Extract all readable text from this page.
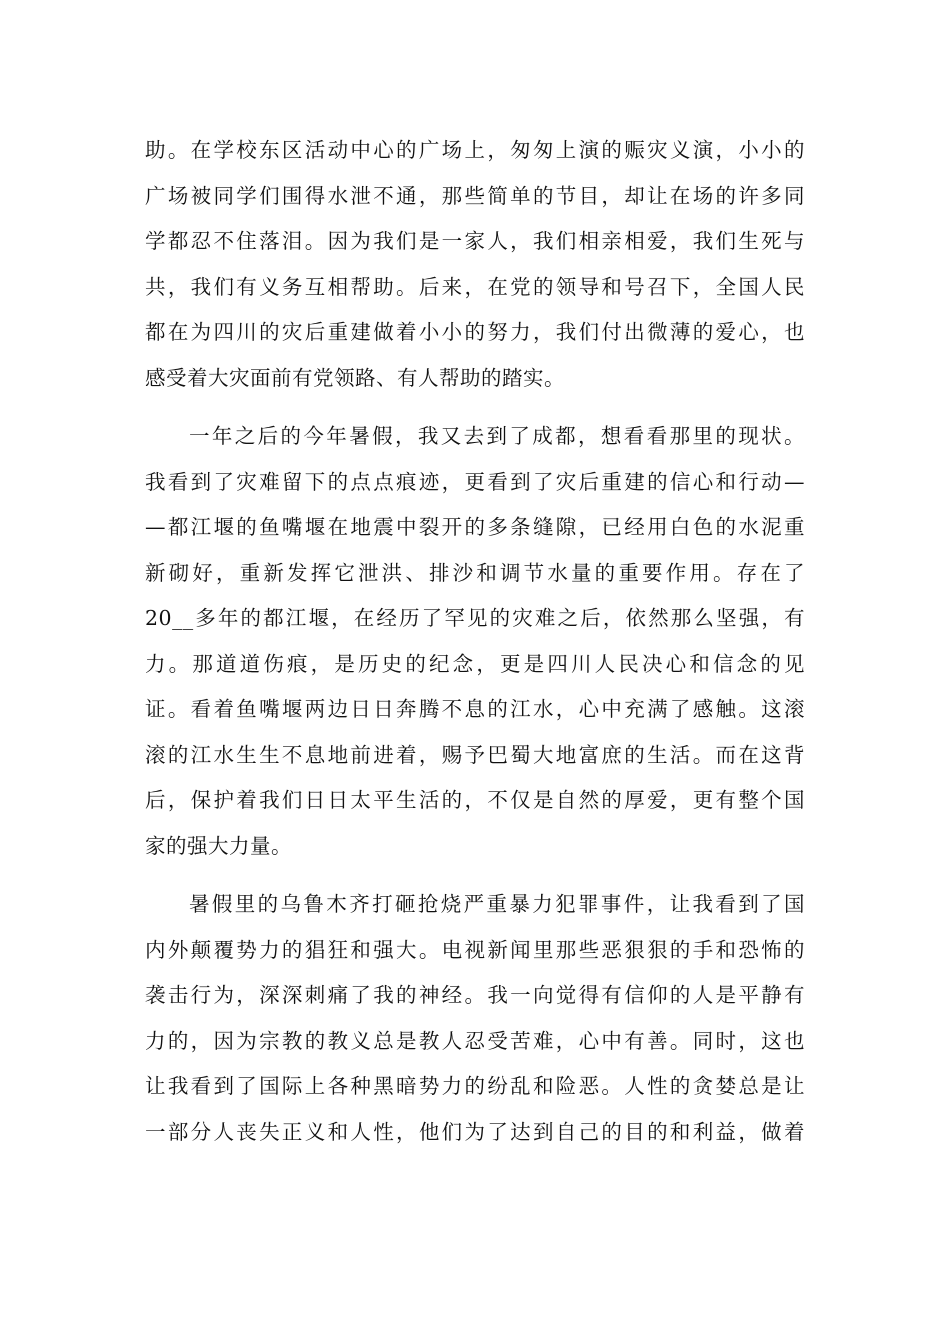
助。在学校东区活动中心的广场上，匆匆上演的赈灾义演，小小的
广场被同学们围得水泄不通，那些简单的节目，却让在场的许多同
学都忍不住落泪。因为我们是一家人，我们相亲相爱，我们生死与
共，我们有义务互相帮助。后来，在党的领导和号召下，全国人民
都在为四川的灾后重建做着小小的努力，我们付出微薄的爱心，也
感受着大灾面前有党领路、有人帮助的踏实。
一年之后的今年暑假，我又去到了成都，想看看那里的现状。
我看到了灾难留下的点点痕迹，更看到了灾后重建的信心和行动—
—都江堰的鱼嘴堰在地震中裂开的多条缝隙，已经用白色的水泥重
新砌好，重新发挥它泄洪、排沙和调节水量的重要作用。存在了
20__多年的都江堰，在经历了罕见的灾难之后，依然那么坚强，有
力。那道道伤痕，是历史的纪念，更是四川人民决心和信念的见
证。看着鱼嘴堰两边日日奔腾不息的江水，心中充满了感触。这滚
滚的江水生生不息地前进着，赐予巴蜀大地富庶的生活。而在这背
后，保护着我们日日太平生活的，不仅是自然的厚爱，更有整个国
家的强大力量。
暑假里的乌鲁木齐打砸抢烧严重暴力犯罪事件，让我看到了国
内外颠覆势力的猖狂和强大。电视新闻里那些恶狠狠的手和恐怖的
袭击行为，深深刺痛了我的神经。我一向觉得有信仰的人是平静有
力的，因为宗教的教义总是教人忍受苦难，心中有善。同时，这也
让我看到了国际上各种黑暗势力的纷乱和险恶。人性的贪婪总是让
一部分人丧失正义和人性，他们为了达到自己的目的和利益，做着
